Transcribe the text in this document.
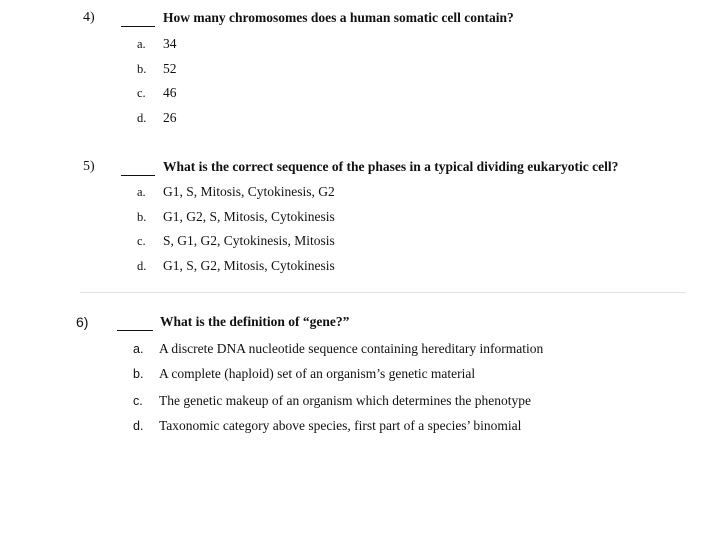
4)	How many chromosomes does a human somatic cell contain?
a. 34
b. 52
c. 46
d. 26
5)	What is the correct sequence of the phases in a typical dividing eukaryotic cell?
a. G1, S, Mitosis, Cytokinesis, G2
b. G1, G2, S, Mitosis, Cytokinesis
c. S, G1, G2, Cytokinesis, Mitosis
d. G1, S, G2, Mitosis, Cytokinesis
6)	What is the definition of “gene?”
a. A discrete DNA nucleotide sequence containing hereditary information
b. A complete (haploid) set of an organism’s genetic material
c. The genetic makeup of an organism which determines the phenotype
d. Taxonomic category above species, first part of a species’ binomial
